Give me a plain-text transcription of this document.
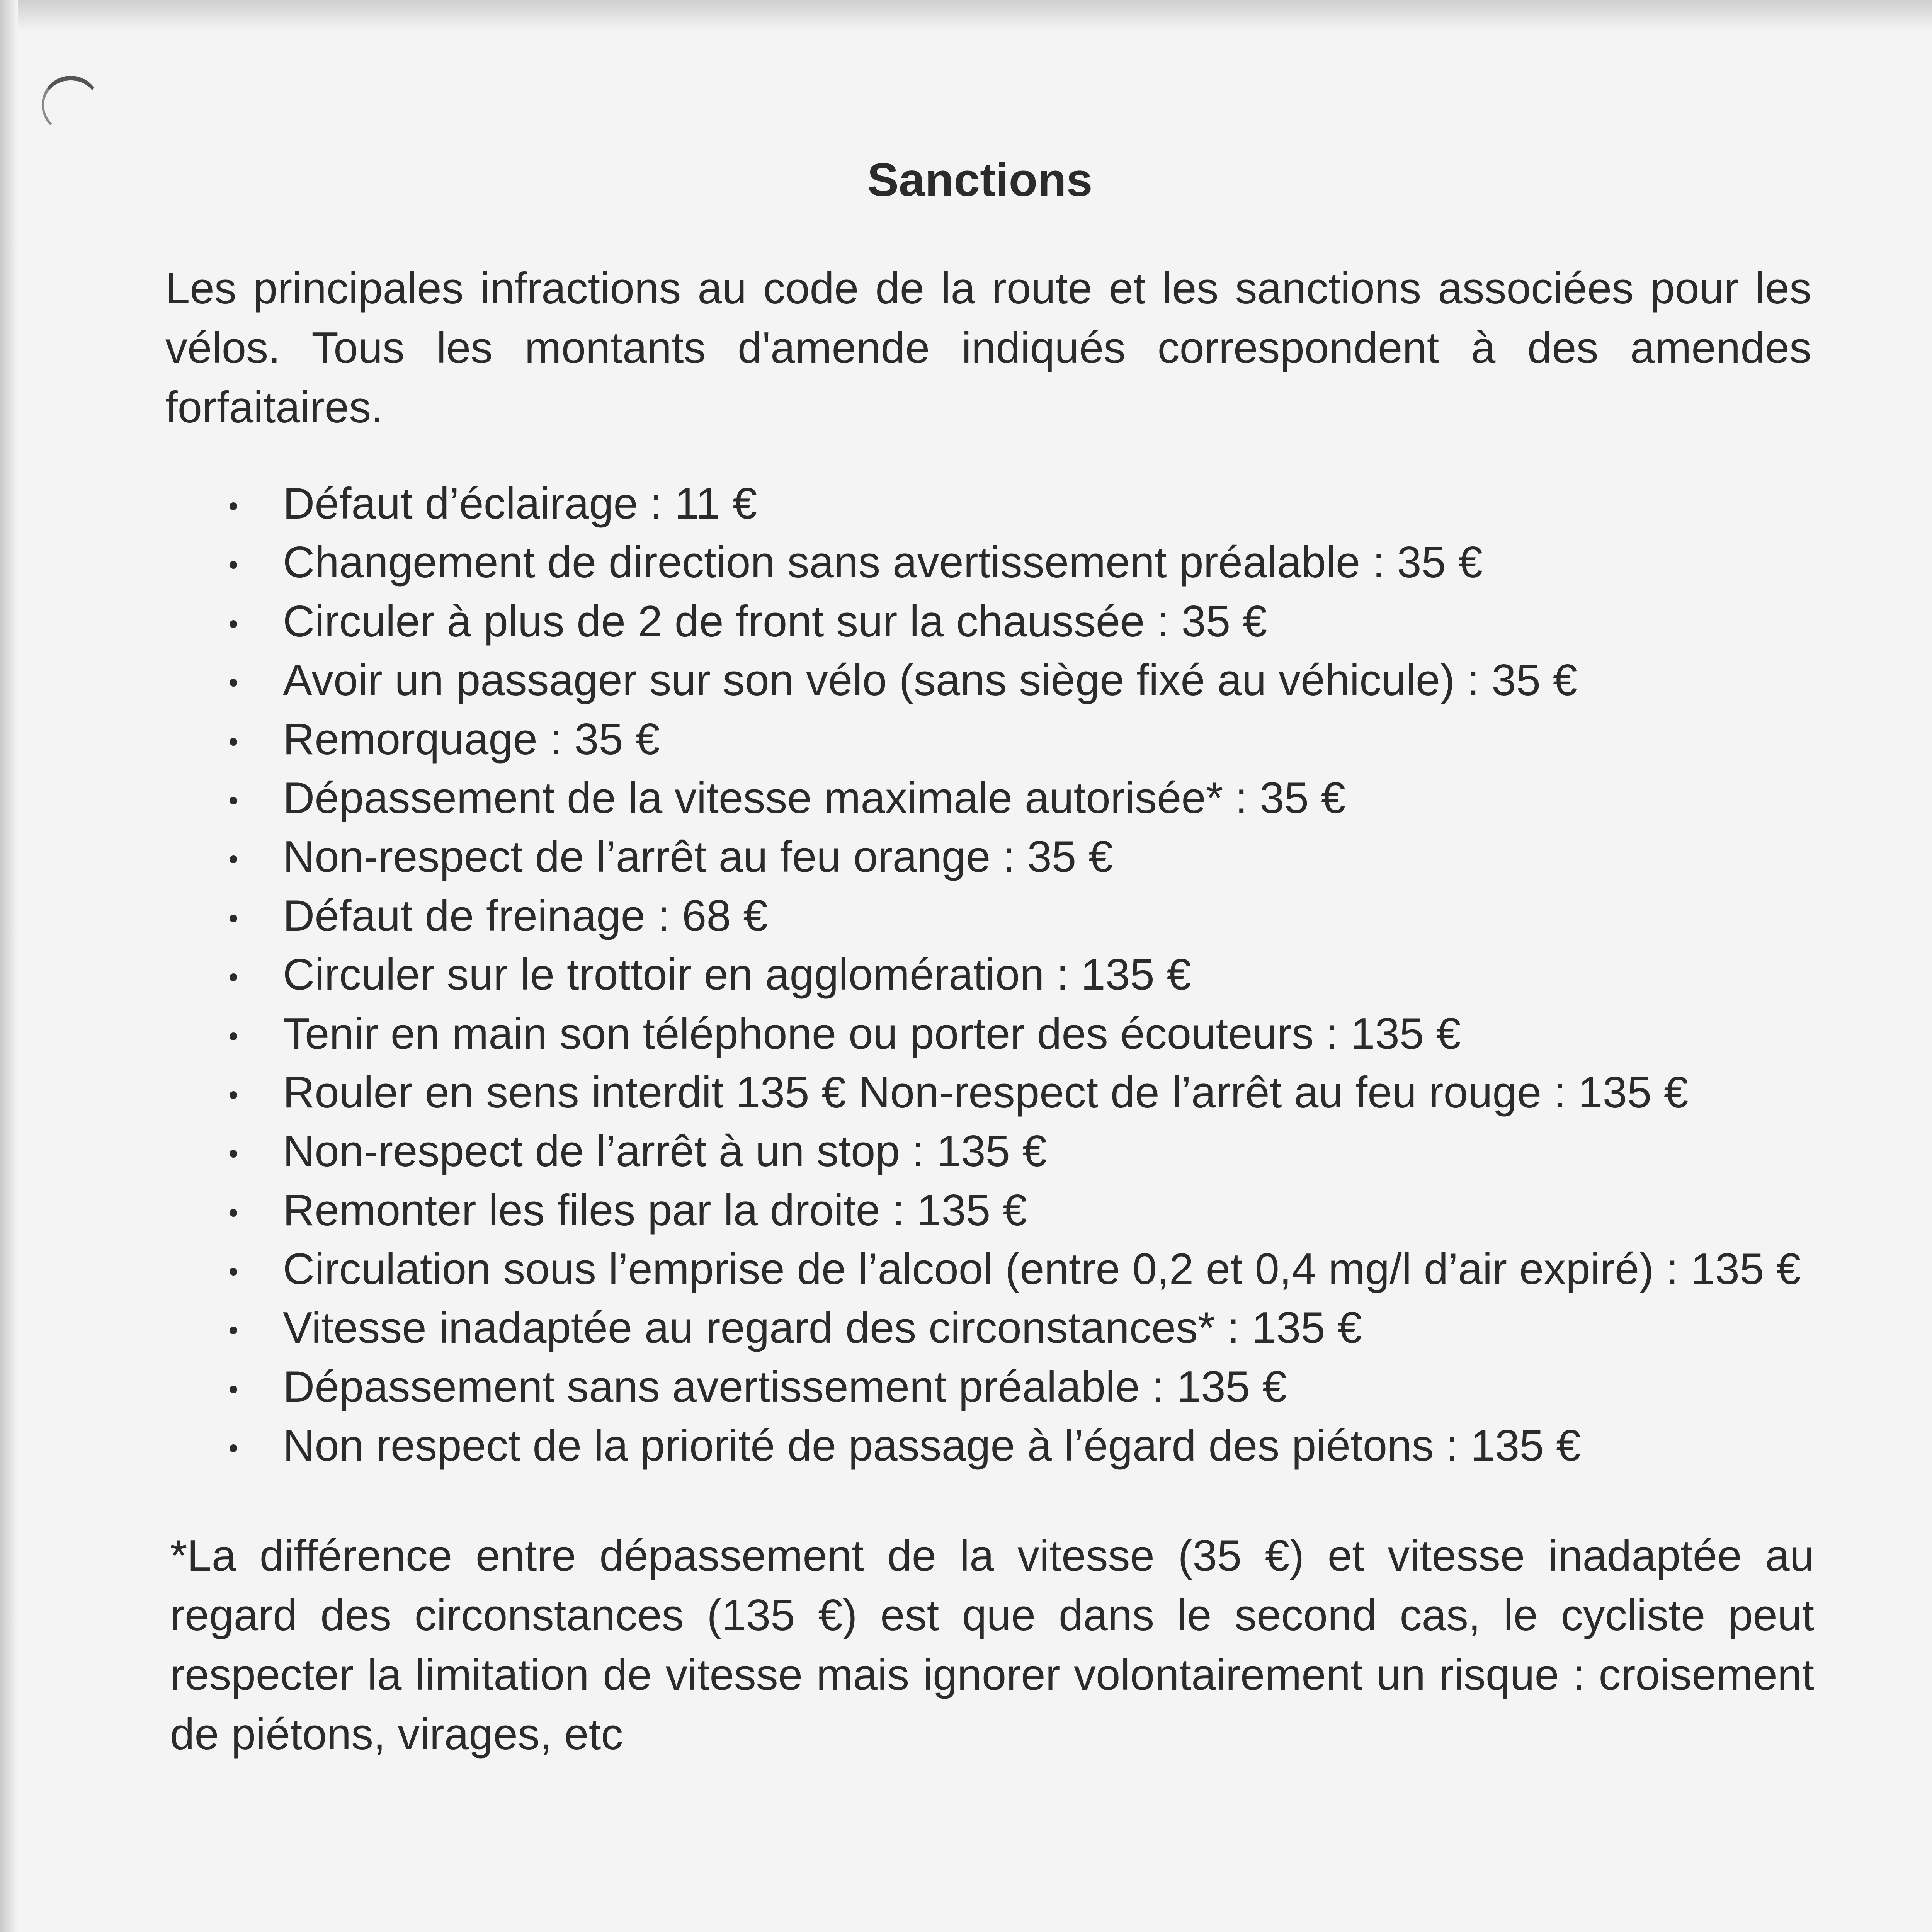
Sanctions

Les principales infractions au code de la route et les sanctions associées pour les vélos. Tous les montants d'amende indiqués correspondent à des amendes forfaitaires.

Défaut d’éclairage : 11 €
Changement de direction sans avertissement préalable : 35 €
Circuler à plus de 2 de front sur la chaussée : 35 €
Avoir un passager sur son vélo (sans siège fixé au véhicule) : 35 €
Remorquage : 35 €
Dépassement de la vitesse maximale autorisée* : 35 €
Non-respect de l’arrêt au feu orange : 35 €
Défaut de freinage : 68 €
Circuler sur le trottoir en agglomération : 135 €
Tenir en main son téléphone ou porter des écouteurs : 135 €
Rouler en sens interdit 135 € Non-respect de l’arrêt au feu rouge : 135 €
Non-respect de l’arrêt à un stop : 135 €
Remonter les files par la droite : 135 €
Circulation sous l’emprise de l’alcool (entre 0,2 et 0,4 mg/l d’air expiré) : 135 €
Vitesse inadaptée au regard des circonstances* : 135 €
Dépassement sans avertissement préalable : 135 €
Non respect de la priorité de passage à l’égard des piétons : 135 €

*La différence entre dépassement de la vitesse (35 €) et vitesse inadaptée au regard des circonstances (135 €) est que dans le second cas, le cycliste peut respecter la limitation de vitesse mais ignorer volontairement un risque : croisement de piétons, virages, etc
